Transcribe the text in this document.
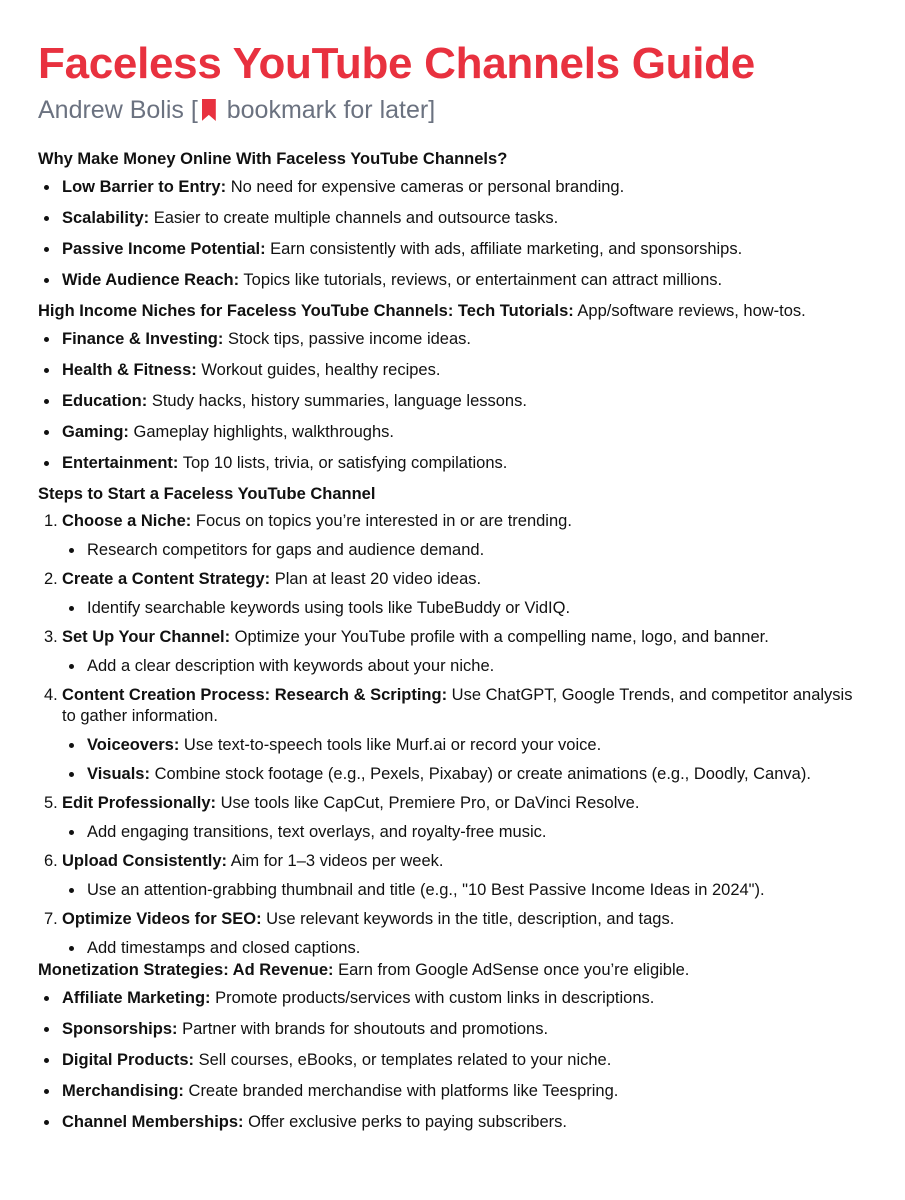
Faceless YouTube Channels Guide
Andrew Bolis [ bookmark for later]
Why Make Money Online With Faceless YouTube Channels?
Low Barrier to Entry: No need for expensive cameras or personal branding.
Scalability: Easier to create multiple channels and outsource tasks.
Passive Income Potential: Earn consistently with ads, affiliate marketing, and sponsorships.
Wide Audience Reach: Topics like tutorials, reviews, or entertainment can attract millions.
High Income Niches for Faceless YouTube Channels: Tech Tutorials: App/software reviews, how-tos.
Finance & Investing: Stock tips, passive income ideas.
Health & Fitness: Workout guides, healthy recipes.
Education: Study hacks, history summaries, language lessons.
Gaming: Gameplay highlights, walkthroughs.
Entertainment: Top 10 lists, trivia, or satisfying compilations.
Steps to Start a Faceless YouTube Channel
1. Choose a Niche: Focus on topics you’re interested in or are trending.
Research competitors for gaps and audience demand.
2. Create a Content Strategy: Plan at least 20 video ideas.
Identify searchable keywords using tools like TubeBuddy or VidIQ.
3. Set Up Your Channel: Optimize your YouTube profile with a compelling name, logo, and banner.
Add a clear description with keywords about your niche.
4. Content Creation Process: Research & Scripting: Use ChatGPT, Google Trends, and competitor analysis to gather information.
Voiceovers: Use text-to-speech tools like Murf.ai or record your voice.
Visuals: Combine stock footage (e.g., Pexels, Pixabay) or create animations (e.g., Doodly, Canva).
5. Edit Professionally: Use tools like CapCut, Premiere Pro, or DaVinci Resolve.
Add engaging transitions, text overlays, and royalty-free music.
6. Upload Consistently: Aim for 1–3 videos per week.
Use an attention-grabbing thumbnail and title (e.g., "10 Best Passive Income Ideas in 2024").
7. Optimize Videos for SEO: Use relevant keywords in the title, description, and tags.
Add timestamps and closed captions.
Monetization Strategies: Ad Revenue: Earn from Google AdSense once you’re eligible.
Affiliate Marketing: Promote products/services with custom links in descriptions.
Sponsorships: Partner with brands for shoutouts and promotions.
Digital Products: Sell courses, eBooks, or templates related to your niche.
Merchandising: Create branded merchandise with platforms like Teespring.
Channel Memberships: Offer exclusive perks to paying subscribers.
